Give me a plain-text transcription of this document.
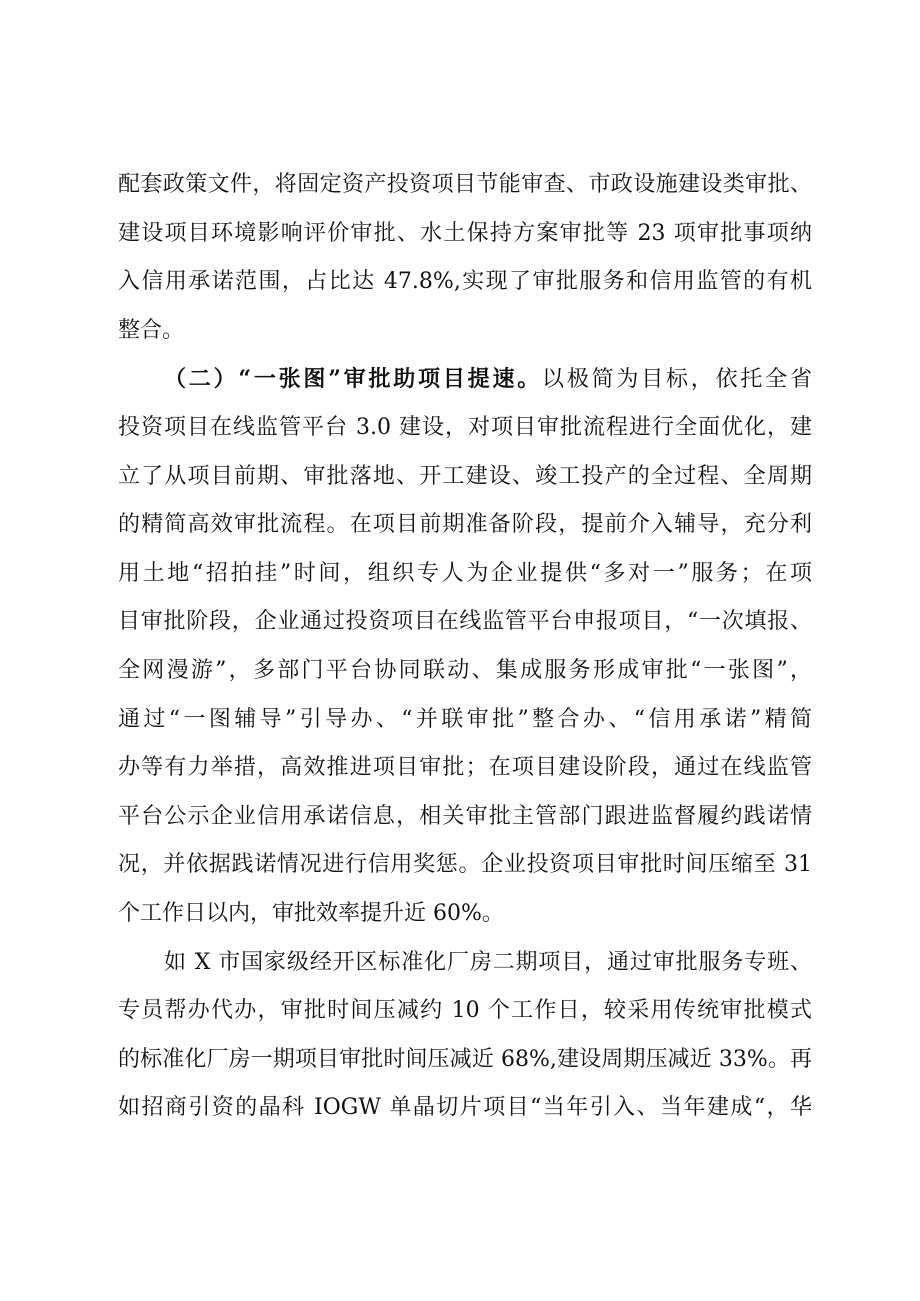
配套政策文件，将固定资产投资项目节能审查、市政设施建设类审批、
建设项目环境影响评价审批、水土保持方案审批等 23 项审批事项纳
入信用承诺范围，占比达 47.8%,实现了审批服务和信用监管的有机
整合。
（二）“一张图”审批助项目提速。以极简为目标，依托全省
投资项目在线监管平台 3.0 建设，对项目审批流程进行全面优化，建
立了从项目前期、审批落地、开工建设、竣工投产的全过程、全周期
的精简高效审批流程。在项目前期准备阶段，提前介入辅导，充分利
用土地“招拍挂”时间，组织专人为企业提供“多对一”服务；在项
目审批阶段，企业通过投资项目在线监管平台申报项目，“一次填报、
全网漫游”，多部门平台协同联动、集成服务形成审批“一张图”，
通过“一图辅导”引导办、“并联审批”整合办、“信用承诺”精简
办等有力举措，高效推进项目审批；在项目建设阶段，通过在线监管
平台公示企业信用承诺信息，相关审批主管部门跟进监督履约践诺情
况，并依据践诺情况进行信用奖惩。企业投资项目审批时间压缩至 31
个工作日以内，审批效率提升近 60%。
如 X 市国家级经开区标准化厂房二期项目，通过审批服务专班、
专员帮办代办，审批时间压减约 10 个工作日，较采用传统审批模式
的标准化厂房一期项目审批时间压减近 68%,建设周期压减近 33%。再
如招商引资的晶科 IOGW 单晶切片项目“当年引入、当年建成“，华
